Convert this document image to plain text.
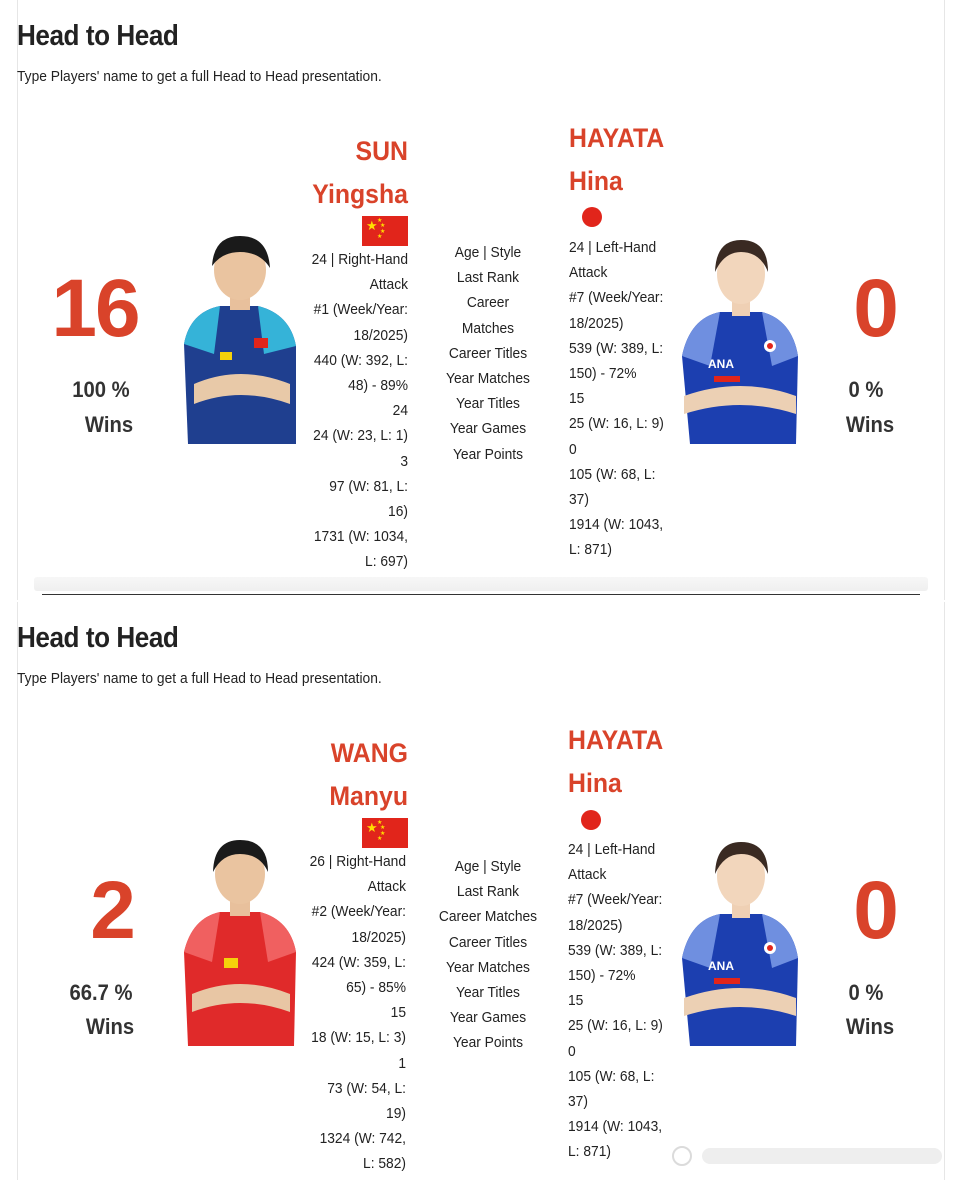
Head to Head
Type Players' name to get a full Head to Head presentation.
16
100 %
Wins
SUN
Yingsha
★ ★
★
★
★
24 | Right-Hand Attack
#1 (Week/Year: 18/2025)
440 (W: 392, L: 48) - 89%
24
24 (W: 23, L: 1)
3
97 (W: 81, L: 16)
1731 (W: 1034, L: 697)
Age | Style
Last Rank
Career Matches
Career Titles
Year Matches
Year Titles
Year Games
Year Points
HAYATA
Hina
24 | Left-Hand Attack
#7 (Week/Year: 18/2025)
539 (W: 389, L: 150) - 72%
15
25 (W: 16, L: 9)
0
105 (W: 68, L: 37)
1914 (W: 1043, L: 871)
ANA
0
0 %
Wins
Head to Head
Type Players' name to get a full Head to Head presentation.
2
66.7 %
Wins
WANG
Manyu
★ ★
★
★
★
26 | Right-Hand Attack
#2 (Week/Year: 18/2025)
424 (W: 359, L: 65) - 85%
15
18 (W: 15, L: 3)
1
73 (W: 54, L: 19)
1324 (W: 742, L: 582)
Age | Style
Last Rank
Career Matches
Career Titles
Year Matches
Year Titles
Year Games
Year Points
HAYATA
Hina
24 | Left-Hand Attack
#7 (Week/Year: 18/2025)
539 (W: 389, L: 150) - 72%
15
25 (W: 16, L: 9)
0
105 (W: 68, L: 37)
1914 (W: 1043, L: 871)
ANA
0
0 %
Wins
